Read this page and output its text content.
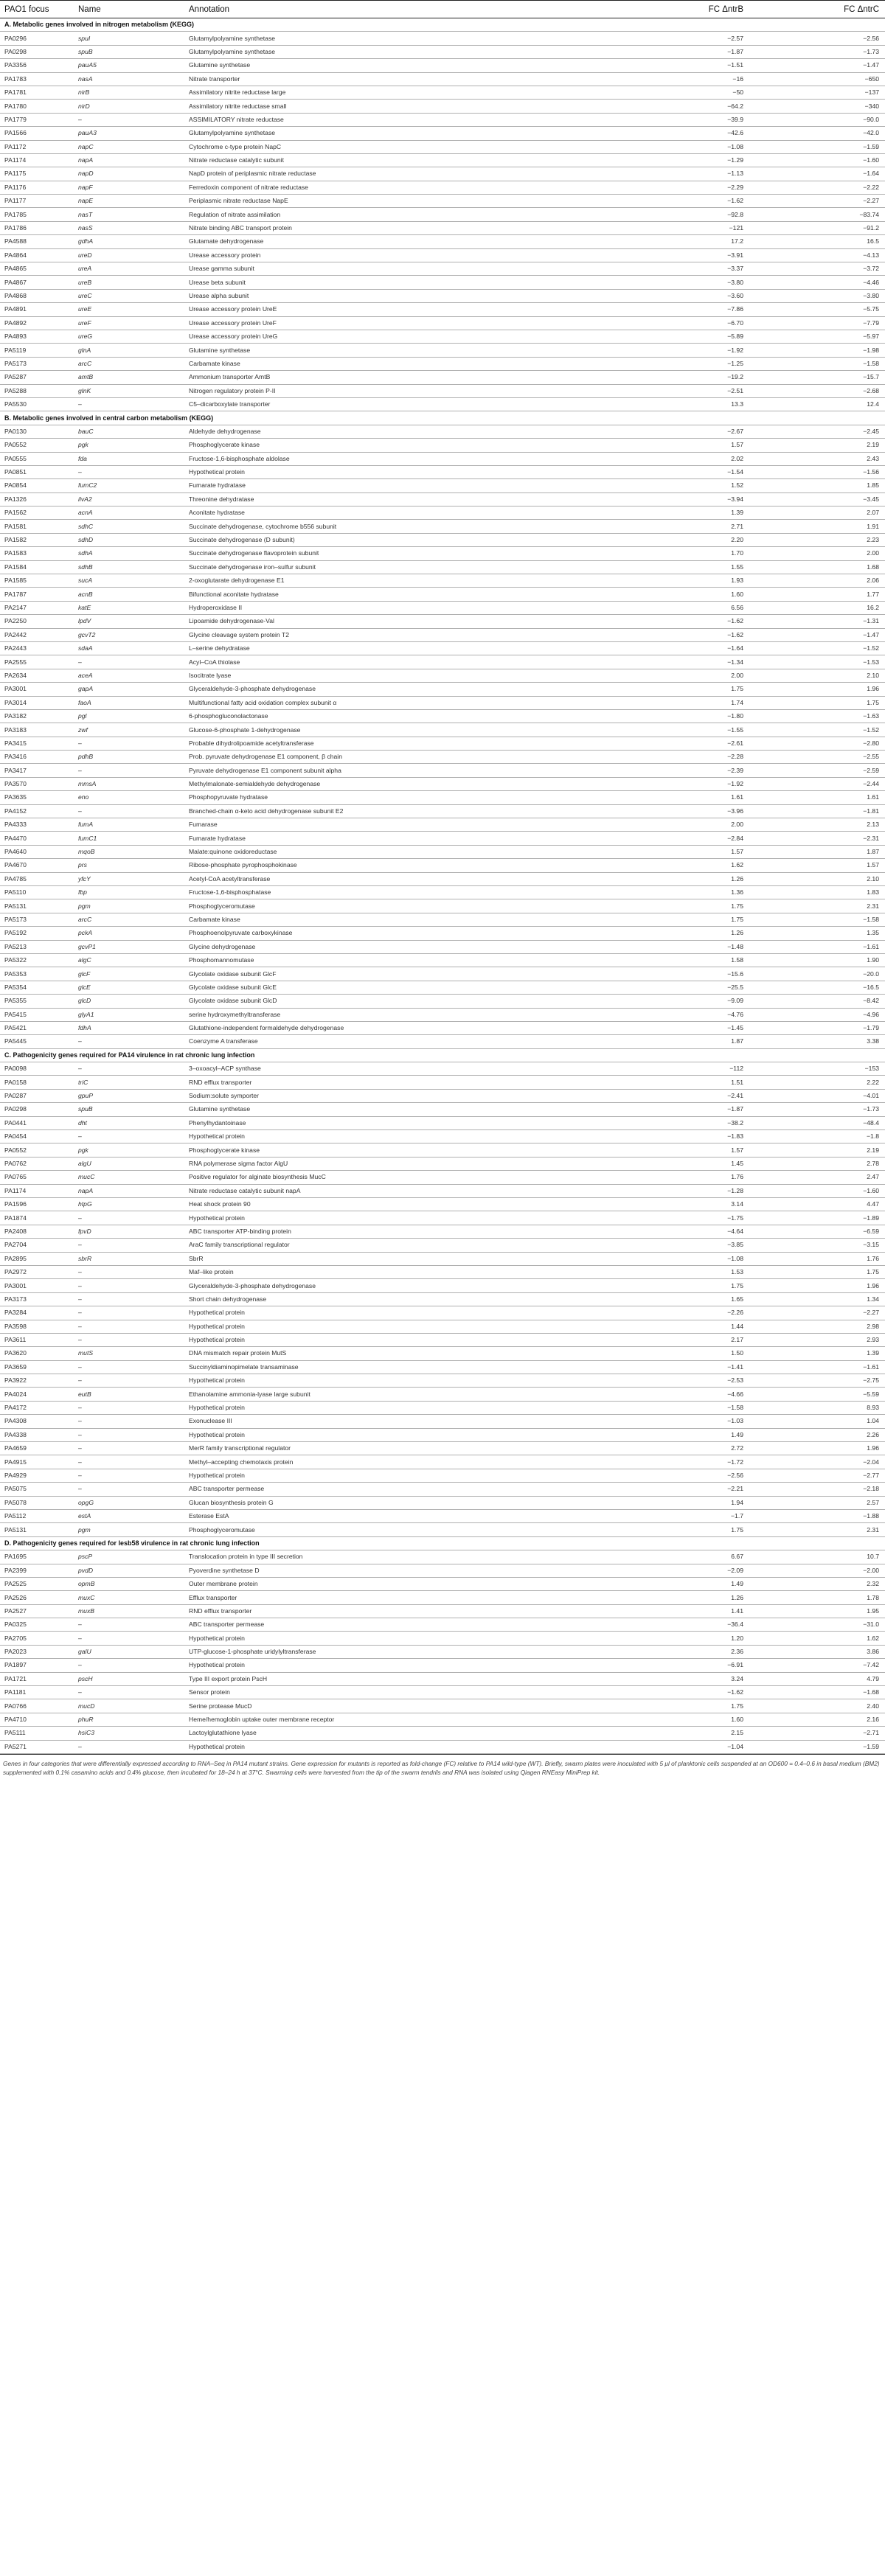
PAO1 focus	Name	Annotation	FC ΔntrB	FC ΔntrC
A. Metabolic genes involved in nitrogen metabolism (KEGG)				
PA0296	spuI	Glutamylpolyamine synthetase	−2.57	−2.56
PA0298	spuB	Glutamylpolyamine synthetase	−1.87	−1.73
PA3356	pauA5	Glutamine synthetase	−1.51	−1.47
PA1783	nasA	Nitrate transporter	−16	−650
PA1781	nirB	Assimilatory nitrite reductase large	−50	−137
PA1780	nirD	Assimilatory nitrite reductase small	−64.2	−340
PA1779	–	ASSIMILATORY nitrate reductase	−39.9	−90.0
PA1566	pauA3	Glutamylpolyamine synthetase	−42.6	−42.0
PA1172	napC	Cytochrome c-type protein NapC	−1.08	−1.59
PA1174	napA	Nitrate reductase catalytic subunit	−1.29	−1.60
PA1175	napD	NapD protein of periplasmic nitrate reductase	−1.13	−1.64
PA1176	napF	Ferredoxin component of nitrate reductase	−2.29	−2.22
PA1177	napE	Periplasmic nitrate reductase NapE	−1.62	−2.27
PA1785	nasT	Regulation of nitrate assimilation	−92.8	−83.74
PA1786	nasS	Nitrate binding ABC transport protein	−121	−91.2
PA4588	gdhA	Glutamate dehydrogenase	17.2	16.5
PA4864	ureD	Urease accessory protein	−3.91	−4.13
PA4865	ureA	Urease gamma subunit	−3.37	−3.72
PA4867	ureB	Urease beta subunit	−3.80	−4.46
PA4868	ureC	Urease alpha subunit	−3.60	−3.80
PA4891	ureE	Urease accessory protein UreE	−7.86	−5.75
PA4892	ureF	Urease accessory protein UreF	−6.70	−7.79
PA4893	ureG	Urease accessory protein UreG	−5.89	−5.97
PA5119	glnA	Glutamine synthetase	−1.92	−1.98
PA5173	arcC	Carbamate kinase	−1.25	−1.58
PA5287	amtB	Ammonium transporter AmtB	−19.2	−15.7
PA5288	glnK	Nitrogen regulatory protein P-II	−2.51	−2.68
PA5530	–	C5–dicarboxylate transporter	13.3	12.4
B. Metabolic genes involved in central carbon metabolism (KEGG)				
PA0130	bauC	Aldehyde dehydrogenase	−2.67	−2.45
PA0552	pgk	Phosphoglycerate kinase	1.57	2.19
PA0555	fda	Fructose-1,6-bisphosphate aldolase	2.02	2.43
PA0851	–	Hypothetical protein	−1.54	−1.56
PA0854	fumC2	Fumarate hydratase	1.52	1.85
PA1326	ilvA2	Threonine dehydratase	−3.94	−3.45
PA1562	acnA	Aconitate hydratase	1.39	2.07
PA1581	sdhC	Succinate dehydrogenase, cytochrome b556 subunit	2.71	1.91
PA1582	sdhD	Succinate dehydrogenase (D subunit)	2.20	2.23
PA1583	sdhA	Succinate dehydrogenase flavoprotein subunit	1.70	2.00
PA1584	sdhB	Succinate dehydrogenase iron–sulfur subunit	1.55	1.68
PA1585	sucA	2-oxoglutarate dehydrogenase E1	1.93	2.06
PA1787	acnB	Bifunctional aconitate hydratase	1.60	1.77
PA2147	katE	Hydroperoxidase II	6.56	16.2
PA2250	lpdV	Lipoamide dehydrogenase-Val	−1.62	−1.31
PA2442	gcvT2	Glycine cleavage system protein T2	−1.62	−1.47
PA2443	sdaA	L–serine dehydratase	−1.64	−1.52
PA2555	–	Acyl–CoA thiolase	−1.34	−1.53
PA2634	aceA	Isocitrate lyase	2.00	2.10
PA3001	gapA	Glyceraldehyde-3-phosphate dehydrogenase	1.75	1.96
PA3014	faoA	Multifunctional fatty acid oxidation complex subunit α	1.74	1.75
PA3182	pgl	6-phosphogluconolactonase	−1.80	−1.63
PA3183	zwf	Glucose-6-phosphate 1-dehydrogenase	−1.55	−1.52
PA3415	–	Probable dihydrolipoamide acetyltransferase	−2.61	−2.80
PA3416	pdhB	Prob. pyruvate dehydrogenase E1 component, β chain	−2.28	−2.55
PA3417	–	Pyruvate dehydrogenase E1 component subunit alpha	−2.39	−2.59
PA3570	mmsA	Methylmalonate-semialdehyde dehydrogenase	−1.92	−2.44
PA3635	eno	Phosphopyruvate hydratase	1.61	1.61
PA4152	–	Branched-chain α-keto acid dehydrogenase subunit E2	−3.96	−1.81
PA4333	fumA	Fumarase	2.00	2.13
PA4470	fumC1	Fumarate hydratase	−2.84	−2.31
PA4640	mqoB	Malate:quinone oxidoreductase	1.57	1.87
PA4670	prs	Ribose-phosphate pyrophosphokinase	1.62	1.57
PA4785	yfcY	Acetyl-CoA acetyltransferase	1.26	2.10
PA5110	fbp	Fructose-1,6-bisphosphatase	1.36	1.83
PA5131	pgm	Phosphoglyceromutase	1.75	2.31
PA5173	arcC	Carbamate kinase	1.75	−1.58
PA5192	pckA	Phosphoenolpyruvate carboxykinase	1.26	1.35
PA5213	gcvP1	Glycine dehydrogenase	−1.48	−1.61
PA5322	algC	Phosphomannomutase	1.58	1.90
PA5353	glcF	Glycolate oxidase subunit GlcF	−15.6	−20.0
PA5354	glcE	Glycolate oxidase subunit GlcE	−25.5	−16.5
PA5355	glcD	Glycolate oxidase subunit GlcD	−9.09	−8.42
PA5415	glyA1	serine hydroxymethyltransferase	−4.76	−4.96
PA5421	fdhA	Glutathione-independent formaldehyde dehydrogenase	−1.45	−1.79
PA5445	–	Coenzyme A transferase	1.87	3.38
C. Pathogenicity genes required for PA14 virulence in rat chronic lung infection				
PA0098	–	3–oxoacyl–ACP synthase	−112	−153
PA0158	triC	RND efflux transporter	1.51	2.22
PA0287	gpuP	Sodium:solute symporter	−2.41	−4.01
PA0298	spuB	Glutamine synthetase	−1.87	−1.73
PA0441	dht	Phenylhydantoinase	−38.2	−48.4
PA0454	–	Hypothetical protein	−1.83	−1.8
PA0552	pgk	Phosphoglycerate kinase	1.57	2.19
PA0762	algU	RNA polymerase sigma factor AlgU	1.45	2.78
PA0765	mucC	Positive regulator for alginate biosynthesis MucC	1.76	2.47
PA1174	napA	Nitrate reductase catalytic subunit napA	−1.28	−1.60
PA1596	htpG	Heat shock protein 90	3.14	4.47
PA1874	–	Hypothetical protein	−1.75	−1.89
PA2408	fpvD	ABC transporter ATP-binding protein	−4.64	−6.59
PA2704	–	AraC family transcriptional regulator	−3.85	−3.15
PA2895	sbrR	SbrR	−1.08	1.76
PA2972	–	Maf–like protein	1.53	1.75
PA3001	–	Glyceraldehyde-3-phosphate dehydrogenase	1.75	1.96
PA3173	–	Short chain dehydrogenase	1.65	1.34
PA3284	–	Hypothetical protein	−2.26	−2.27
PA3598	–	Hypothetical protein	1.44	2.98
PA3611	–	Hypothetical protein	2.17	2.93
PA3620	mutS	DNA mismatch repair protein MutS	1.50	1.39
PA3659	–	Succinyldiaminopimelate transaminase	−1.41	−1.61
PA3922	–	Hypothetical protein	−2.53	−2.75
PA4024	eutB	Ethanolamine ammonia-lyase large subunit	−4.66	−5.59
PA4172	–	Hypothetical protein	−1.58	8.93
PA4308	–	Exonuclease III	−1.03	1.04
PA4338	–	Hypothetical protein	1.49	2.26
PA4659	–	MerR family transcriptional regulator	2.72	1.96
PA4915	–	Methyl–accepting chemotaxis protein	−1.72	−2.04
PA4929	–	Hypothetical protein	−2.56	−2.77
PA5075	–	ABC transporter permease	−2.21	−2.18
PA5078	opgG	Glucan biosynthesis protein G	1.94	2.57
PA5112	estA	Esterase EstA	−1.7	−1.88
PA5131	pgm	Phosphoglyceromutase	1.75	2.31
D. Pathogenicity genes required for lesb58 virulence in rat chronic lung infection				
PA1695	pscP	Translocation protein in type III secretion	6.67	10.7
PA2399	pvdD	Pyoverdine synthetase D	−2.09	−2.00
PA2525	opmB	Outer membrane protein	1.49	2.32
PA2526	muxC	Efflux transporter	1.26	1.78
PA2527	muxB	RND efflux transporter	1.41	1.95
PA0325	–	ABC transporter permease	−36.4	−31.0
PA2705	–	Hypothetical protein	1.20	1.62
PA2023	galU	UTP-glucose-1-phosphate uridylyltransferase	2.36	3.86
PA1897	–	Hypothetical protein	−6.91	−7.42
PA1721	pscH	Type III export protein PscH	3.24	4.79
PA1181	–	Sensor protein	−1.62	−1.68
PA0766	mucD	Serine protease MucD	1.75	2.40
PA4710	phuR	Heme/hemoglobin uptake outer membrane receptor	1.60	2.16
PA5111	hsiC3	Lactoylglutathione lyase	2.15	−2.71
PA5271	–	Hypothetical protein	−1.04	−1.59
Genes in four categories that were differentially expressed according to RNA–Seq in PA14 mutant strains. Gene expression for mutants is reported as fold-change (FC) relative to PA14 wild-type (WT). Briefly, swarm plates were inoculated with 5 μl of planktonic cells suspended at an OD600 = 0.4–0.6 in basal medium (BM2) supplemented with 0.1% casamino acids and 0.4% glucose, then incubated for 18–24 h at 37°C. Swarming cells were harvested from the tip of the swarm tendrils and RNA was isolated using Qiagen RNEasy MiniPrep kit.
